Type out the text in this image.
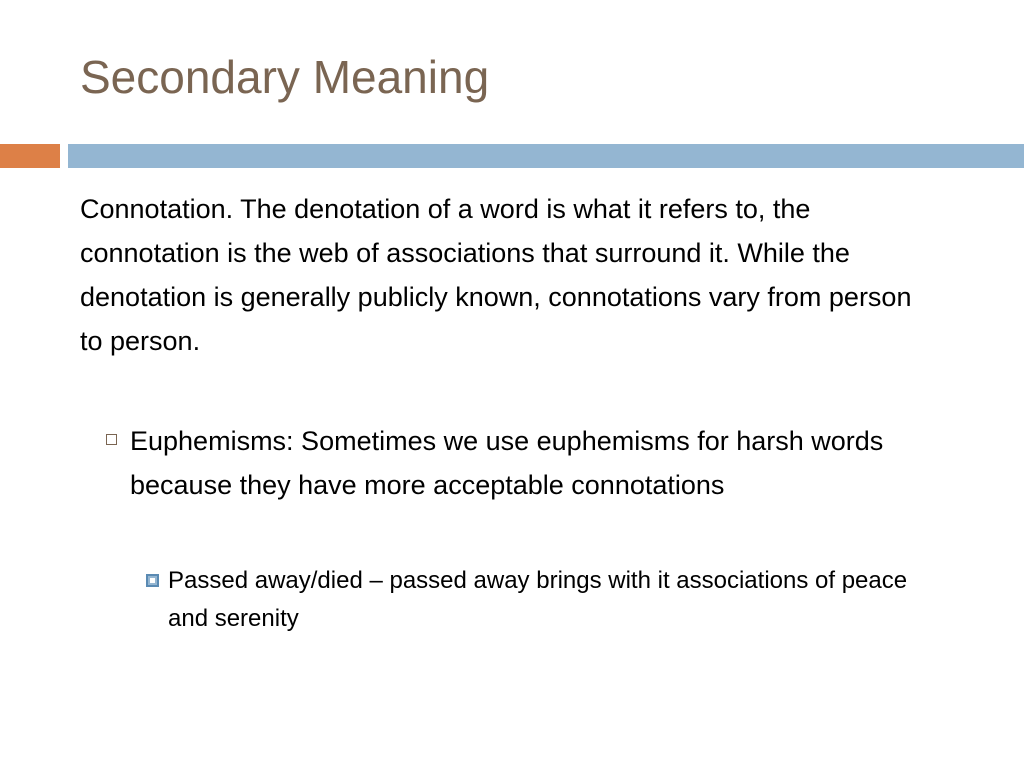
Secondary Meaning

Connotation. The denotation of a word is what it refers to, the connotation is the web of associations that surround it. While the denotation is generally publicly known, connotations vary from person to person.

Euphemisms: Sometimes we use euphemisms for harsh words because they have more acceptable connotations
Passed away/died – passed away brings with it associations of peace and serenity
